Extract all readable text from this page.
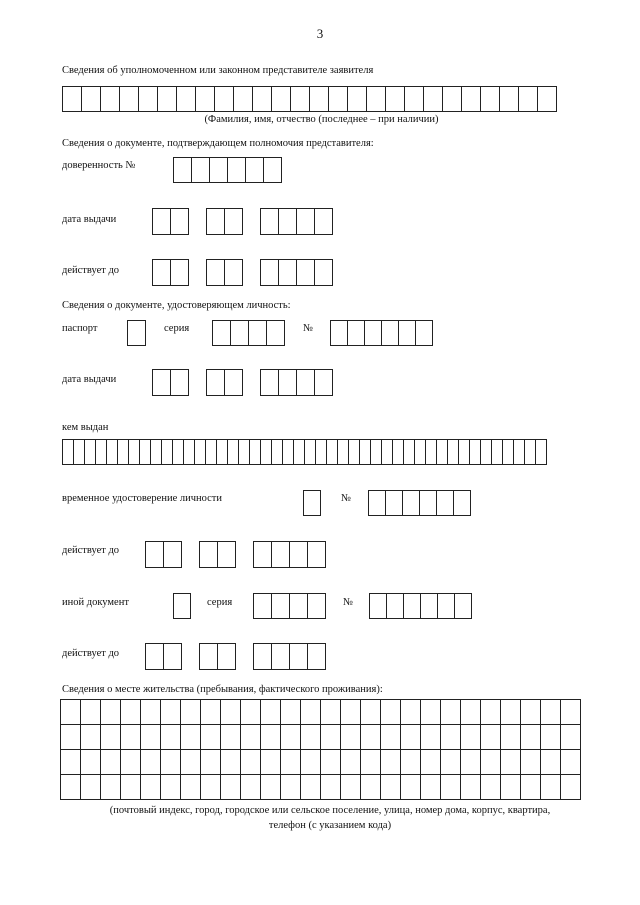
3
Сведения об уполномоченном или законном представителе заявителя
(Фамилия, имя, отчество (последнее – при наличии)
Сведения о документе, подтверждающем полномочия представителя:
доверенность №
дата выдачи
действует до
Сведения о документе, удостоверяющем личность:
паспорт	серия	№
дата выдачи
кем выдан
временное удостоверение личности	№
действует до
иной документ	серия	№
действует до
Сведения о месте жительства (пребывания, фактического проживания):
(почтовый индекс, город, городское или сельское поселение, улица, номер дома, корпус, квартира,
телефон (с указанием кода)
